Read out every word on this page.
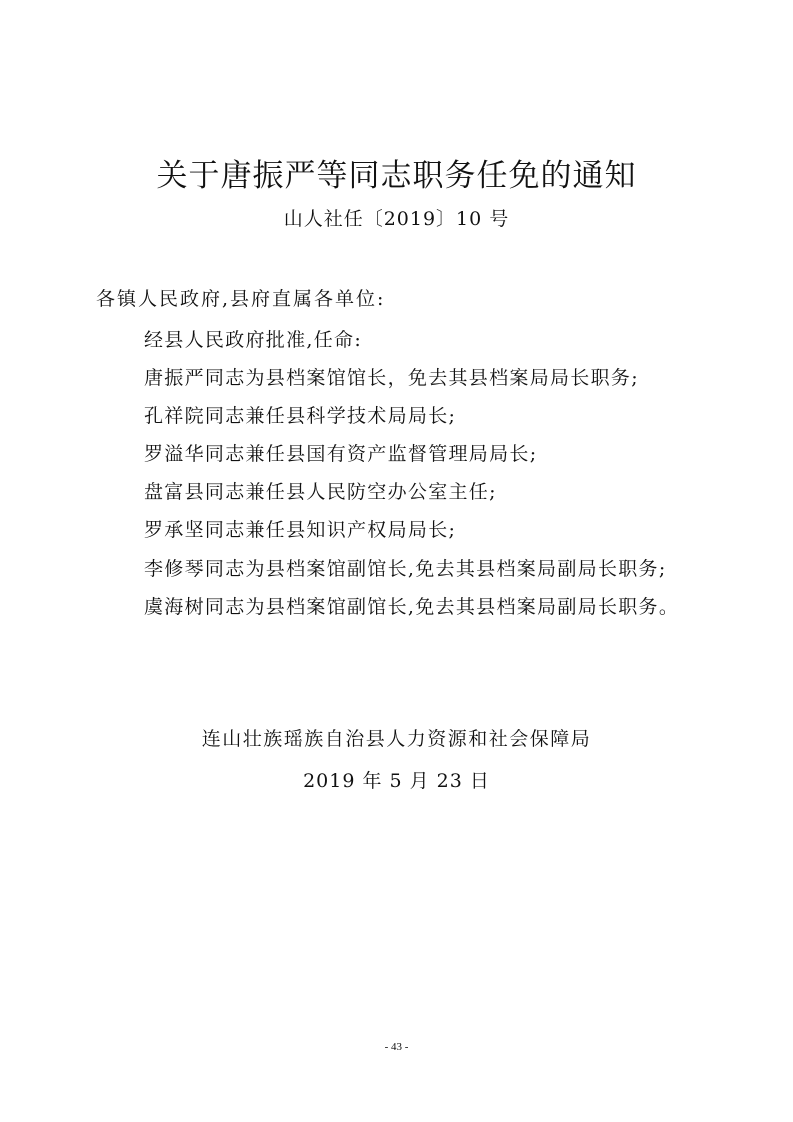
关于唐振严等同志职务任免的通知
山人社任〔2019〕10 号
各镇人民政府,县府直属各单位:
经县人民政府批准,任命:
唐振严同志为县档案馆馆长，免去其县档案局局长职务;
孔祥院同志兼任县科学技术局局长;
罗溢华同志兼任县国有资产监督管理局局长;
盘富县同志兼任县人民防空办公室主任;
罗承坚同志兼任县知识产权局局长;
李修琴同志为县档案馆副馆长,免去其县档案局副局长职务;
虞海树同志为县档案馆副馆长,免去其县档案局副局长职务。
连山壮族瑶族自治县人力资源和社会保障局
2019 年 5 月 23 日
- 43 -
